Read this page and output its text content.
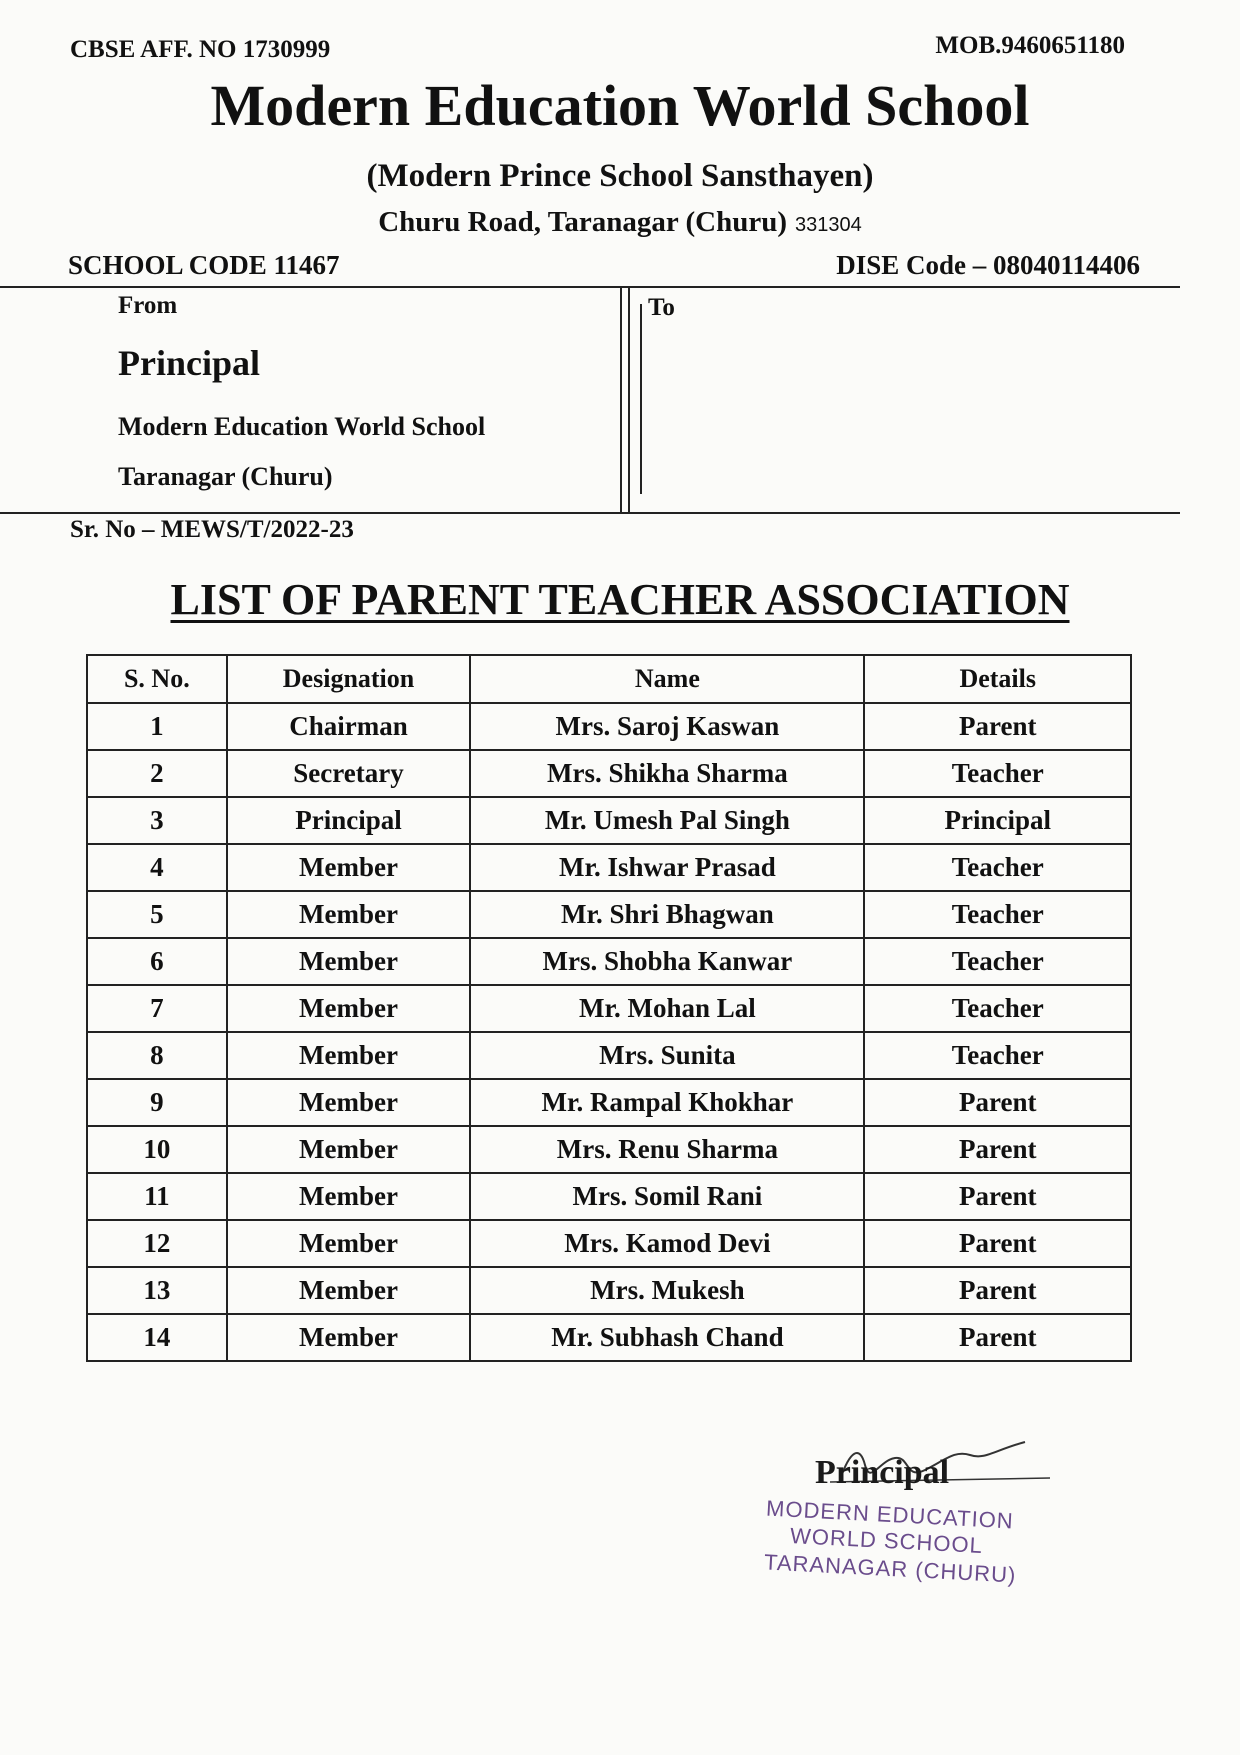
CBSE AFF. NO 1730999	MOB.9460651180
Modern Education World School
(Modern Prince School Sansthayen)
Churu Road, Taranagar (Churu) 331304
SCHOOL CODE 11467	DISE Code – 08040114406
From
Principal
Modern Education World School
Taranagar (Churu)
To
Sr. No – MEWS/T/2022-23
LIST OF PARENT TEACHER ASSOCIATION
S. No.	Designation	Name	Details
1	Chairman	Mrs. Saroj Kaswan	Parent
2	Secretary	Mrs. Shikha Sharma	Teacher
3	Principal	Mr. Umesh Pal Singh	Principal
4	Member	Mr. Ishwar Prasad	Teacher
5	Member	Mr. Shri Bhagwan	Teacher
6	Member	Mrs. Shobha Kanwar	Teacher
7	Member	Mr. Mohan Lal	Teacher
8	Member	Mrs. Sunita	Teacher
9	Member	Mr. Rampal Khokhar	Parent
10	Member	Mrs. Renu Sharma	Parent
11	Member	Mrs. Somil Rani	Parent
12	Member	Mrs. Kamod Devi	Parent
13	Member	Mrs. Mukesh	Parent
14	Member	Mr. Subhash Chand	Parent
Principal
MODERN EDUCATION
WORLD SCHOOL
TARANAGAR (CHURU)
